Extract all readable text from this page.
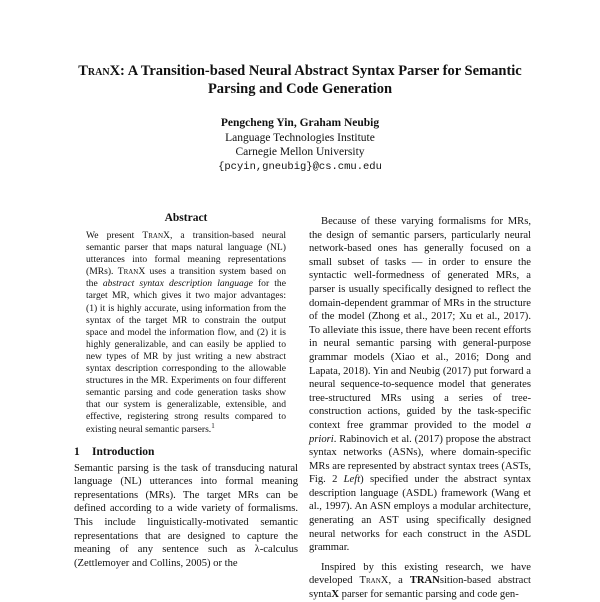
TranX: A Transition-based Neural Abstract Syntax Parser for Semantic Parsing and Code Generation
Pengcheng Yin, Graham Neubig
Language Technologies Institute
Carnegie Mellon University
{pcyin,gneubig}@cs.cmu.edu
Abstract

We present TranX, a transition-based neural semantic parser that maps natural language (NL) utterances into formal meaning representations (MRs). TranX uses a transition system based on the abstract syntax description language for the target MR, which gives it two major advantages: (1) it is highly accurate, using information from the syntax of the target MR to constrain the output space and model the information flow, and (2) it is highly generalizable, and can easily be applied to new types of MR by just writing a new abstract syntax description corresponding to the allowable structures in the MR. Experiments on four different semantic parsing and code generation tasks show that our system is generalizable, extensible, and effective, registering strong results compared to existing neural semantic parsers.$^1$

1 Introduction

Semantic parsing is the task of transducing natural language (NL) utterances into formal meaning representations (MRs). The target MRs can be defined according to a wide variety of formalisms. This include linguistically-motivated semantic representations that are designed to capture the meaning of any sentence such as λ-calculus (Zettlemoyer and Collins, 2005) or the

Because of these varying formalisms for MRs, the design of semantic parsers, particularly neural network-based ones has generally focused on a small subset of tasks — in order to ensure the syntactic well-formedness of generated MRs, a parser is usually specifically designed to reflect the domain-dependent grammar of MRs in the structure of the model (Zhong et al., 2017; Xu et al., 2017). To alleviate this issue, there have been recent efforts in neural semantic parsing with general-purpose grammar models (Xiao et al., 2016; Dong and Lapata, 2018). Yin and Neubig (2017) put forward a neural sequence-to-sequence model that generates tree-structured MRs using a series of tree-construction actions, guided by the task-specific context free grammar provided to the model a priori. Rabinovich et al. (2017) propose the abstract syntax networks (ASNs), where domain-specific MRs are represented by abstract syntax trees (ASTs, Fig. 2 Left) specified under the abstract syntax description language (ASDL) framework (Wang et al., 1997). An ASN employs a modular architecture, generating an AST using specifically designed neural networks for each construct in the ASDL grammar.

Inspired by this existing research, we have developed TranX, a TRANsition-based abstract syntaX parser for semantic parsing and code gen-
